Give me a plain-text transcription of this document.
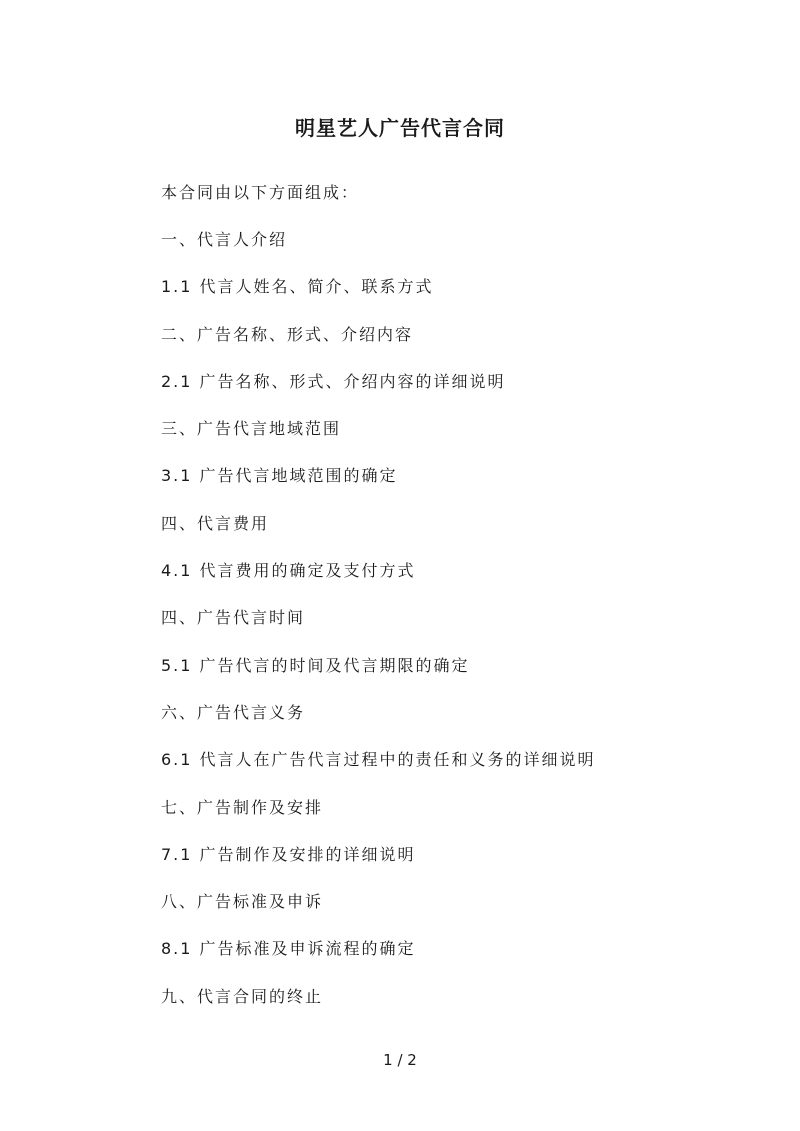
明星艺人广告代言合同
本合同由以下方面组成：
一、代言人介绍
1.1 代言人姓名、简介、联系方式
二、广告名称、形式、介绍内容
2.1 广告名称、形式、介绍内容的详细说明
三、广告代言地域范围
3.1 广告代言地域范围的确定
四、代言费用
4.1 代言费用的确定及支付方式
四、广告代言时间
5.1 广告代言的时间及代言期限的确定
六、广告代言义务
6.1 代言人在广告代言过程中的责任和义务的详细说明
七、广告制作及安排
7.1 广告制作及安排的详细说明
八、广告标准及申诉
8.1 广告标准及申诉流程的确定
九、代言合同的终止
1 / 2
